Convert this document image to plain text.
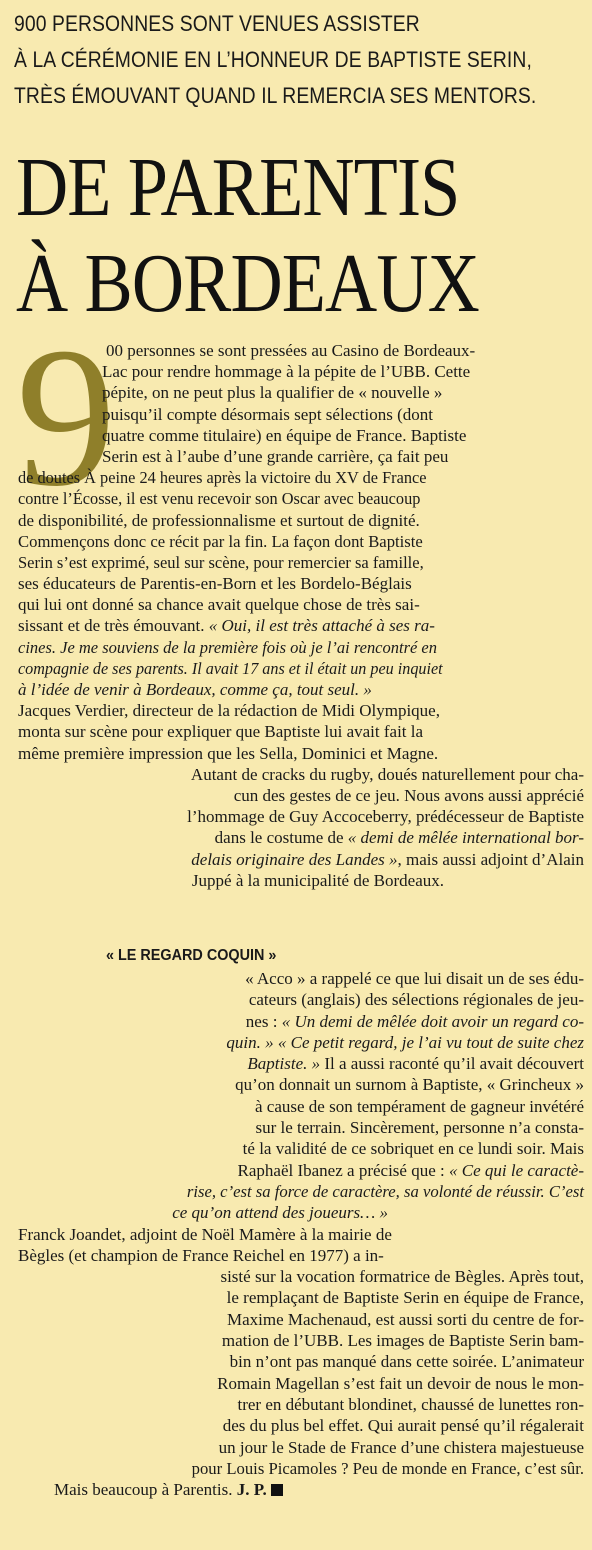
900 PERSONNES SONT VENUES ASSISTER
À LA CÉRÉMONIE EN L’HONNEUR DE BAPTISTE SERIN,
TRÈS ÉMOUVANT QUAND IL REMERCIA SES MENTORS.
DE PARENTIS
À BORDEAUX
9
00 personnes se sont pressées au Casino de Bordeaux-
Lac pour rendre hommage à la pépite de l’UBB. Cette
pépite, on ne peut plus la qualifier de « nouvelle »
puisqu’il compte désormais sept sélections (dont
quatre comme titulaire) en équipe de France. Baptiste
Serin est à l’aube d’une grande carrière, ça fait peu
de doutes À peine 24 heures après la victoire du XV de France
contre l’Écosse, il est venu recevoir son Oscar avec beaucoup
de disponibilité, de professionnalisme et surtout de dignité.
Commençons donc ce récit par la fin. La façon dont Baptiste
Serin s’est exprimé, seul sur scène, pour remercier sa famille,
ses éducateurs de Parentis-en-Born et les Bordelo-Béglais
qui lui ont donné sa chance avait quelque chose de très sai-
sissant et de très émouvant. « Oui, il est très attaché à ses ra-
cines. Je me souviens de la première fois où je l’ai rencontré en
compagnie de ses parents. Il avait 17 ans et il était un peu inquiet
à l’idée de venir à Bordeaux, comme ça, tout seul. »
Jacques Verdier, directeur de la rédaction de Midi Olympique,
monta sur scène pour expliquer que Baptiste lui avait fait la
même première impression que les Sella, Dominici et Magne.
Autant de cracks du rugby, doués naturellement pour cha-
cun des gestes de ce jeu. Nous avons aussi apprécié
l’hommage de Guy Accoceberry, prédécesseur de Baptiste
dans le costume de « demi de mêlée international bor-
delais originaire des Landes », mais aussi adjoint d’Alain
Juppé à la municipalité de Bordeaux.
« LE REGARD COQUIN »
« Acco » a rappelé ce que lui disait un de ses édu-
cateurs (anglais) des sélections régionales de jeu-
nes : « Un demi de mêlée doit avoir un regard co-
quin. » « Ce petit regard, je l’ai vu tout de suite chez
Baptiste. » Il a aussi raconté qu’il avait découvert
qu’on donnait un surnom à Baptiste, « Grincheux »
à cause de son tempérament de gagneur invétéré
sur le terrain. Sincèrement, personne n’a consta-
té la validité de ce sobriquet en ce lundi soir. Mais
Raphaël Ibanez a précisé que : « Ce qui le caractè-
rise, c’est sa force de caractère, sa volonté de réussir. C’est
ce qu’on attend des joueurs… »
Franck Joandet, adjoint de Noël Mamère à la mairie de
Bègles (et champion de France Reichel en 1977) a in-
sisté sur la vocation formatrice de Bègles. Après tout,
le remplaçant de Baptiste Serin en équipe de France,
Maxime Machenaud, est aussi sorti du centre de for-
mation de l’UBB. Les images de Baptiste Serin bam-
bin n’ont pas manqué dans cette soirée. L’animateur
Romain Magellan s’est fait un devoir de nous le mon-
trer en débutant blondinet, chaussé de lunettes ron-
des du plus bel effet. Qui aurait pensé qu’il régalerait
un jour le Stade de France d’une chistera majestueuse
pour Louis Picamoles ? Peu de monde en France, c’est sûr.
Mais beaucoup à Parentis. J. P.
